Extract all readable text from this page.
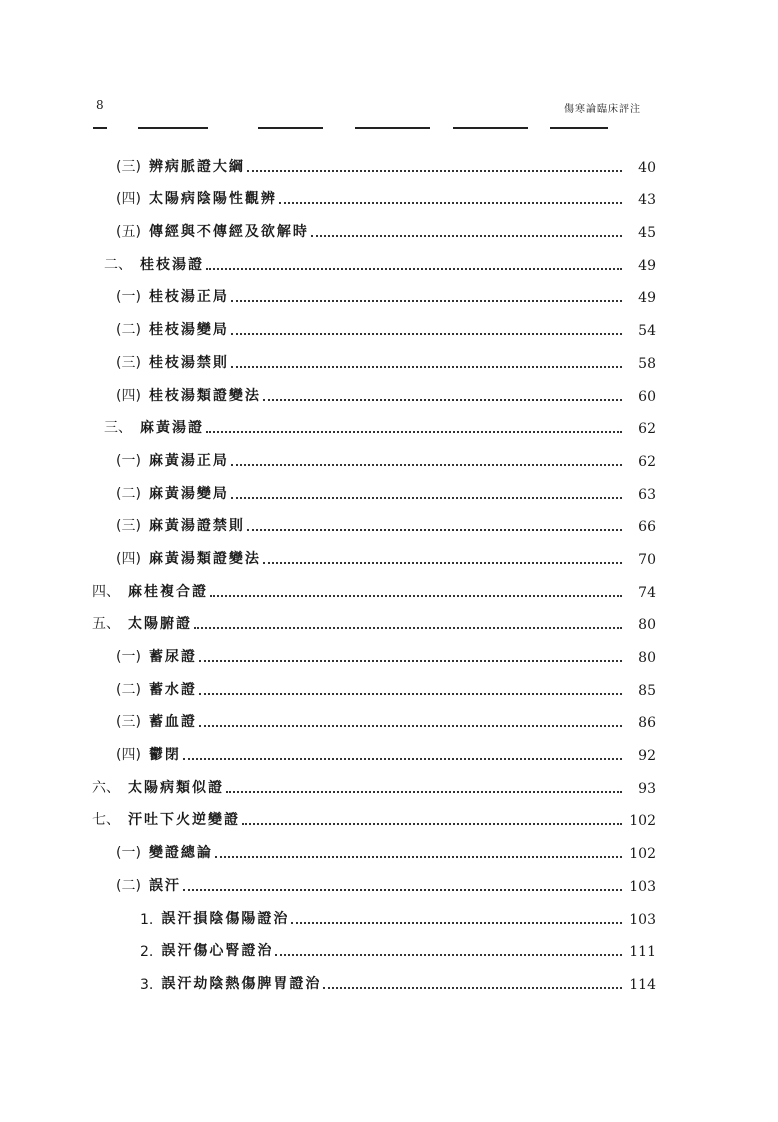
8	傷寒論臨床評注
(三) 辨病脈證大綱	40
(四) 太陽病陰陽性觀辨	43
(五) 傳經與不傳經及欲解時	45
二、 桂枝湯證	49
(一) 桂枝湯正局	49
(二) 桂枝湯變局	54
(三) 桂枝湯禁則	58
(四) 桂枝湯類證變法	60
三、 麻黃湯證	62
(一) 麻黃湯正局	62
(二) 麻黃湯變局	63
(三) 麻黃湯證禁則	66
(四) 麻黃湯類證變法	70
四、 麻桂複合證	74
五、 太陽腑證	80
(一) 蓄尿證	80
(二) 蓄水證	85
(三) 蓄血證	86
(四) 鬱閉	92
六、 太陽病類似證	93
七、 汗吐下火逆變證	102
(一) 變證總論	102
(二) 誤汗	103
1. 誤汗損陰傷陽證治	103
2. 誤汗傷心腎證治	111
3. 誤汗劫陰熱傷脾胃證治	114
